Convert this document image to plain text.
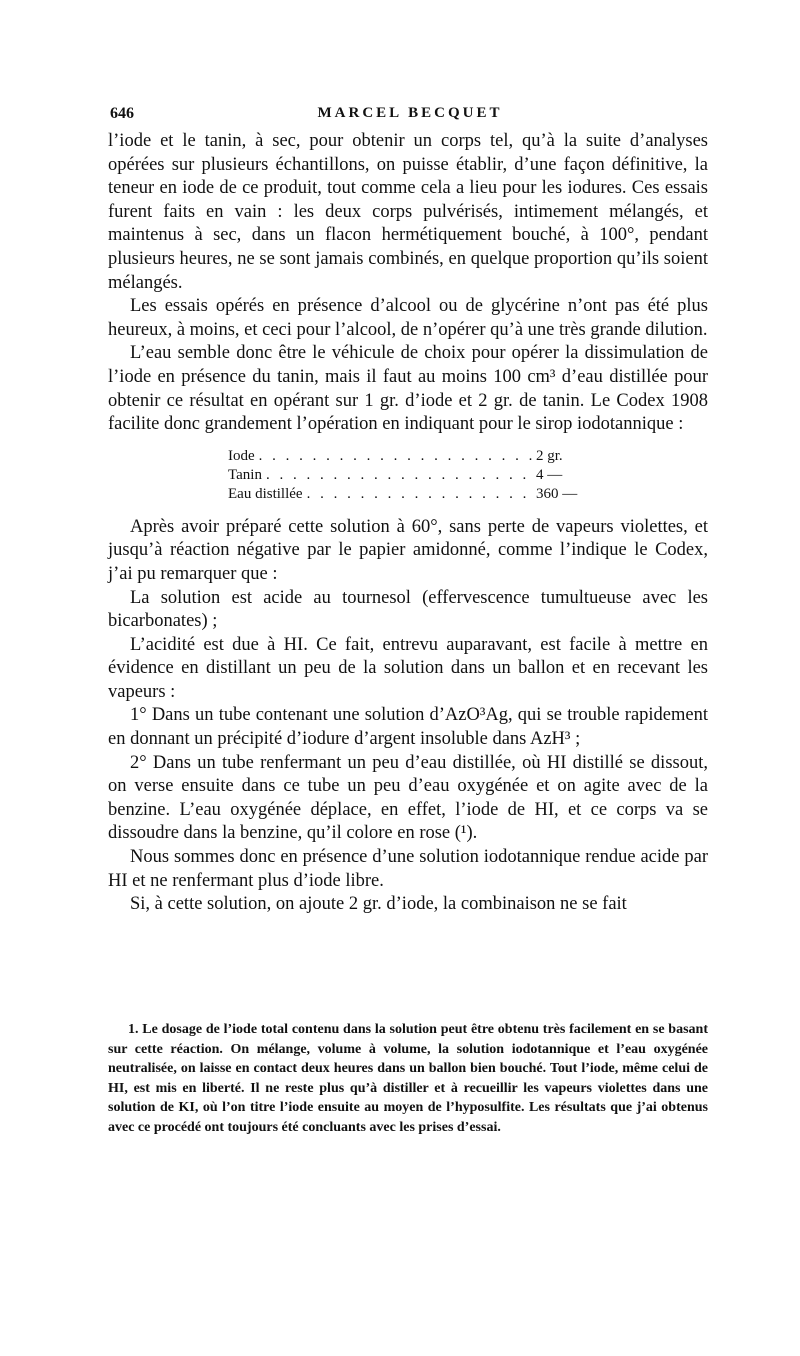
646	MARCEL BECQUET

l’iode et le tanin, à sec, pour obtenir un corps tel, qu’à la suite d’analyses opérées sur plusieurs échantillons, on puisse établir, d’une façon définitive, la teneur en iode de ce produit, tout comme cela a lieu pour les iodures. Ces essais furent faits en vain : les deux corps pulvérisés, intimement mélangés, et maintenus à sec, dans un flacon hermétiquement bouché, à 100°, pendant plusieurs heures, ne se sont jamais combinés, en quelque proportion qu’ils soient mélangés.

Les essais opérés en présence d’alcool ou de glycérine n’ont pas été plus heureux, à moins, et ceci pour l’alcool, de n’opérer qu’à une très grande dilution.

L’eau semble donc être le véhicule de choix pour opérer la dissimulation de l’iode en présence du tanin, mais il faut au moins 100 cm³ d’eau distillée pour obtenir ce résultat en opérant sur 1 gr. d’iode et 2 gr. de tanin. Le Codex 1908 facilite donc grandement l’opération en indiquant pour le sirop iodotannique :

Iode . . .	2 gr.
Tanin . . .	4 —
Eau distillée . . .	360 —

Après avoir préparé cette solution à 60°, sans perte de vapeurs violettes, et jusqu’à réaction négative par le papier amidonné, comme l’indique le Codex, j’ai pu remarquer que :

La solution est acide au tournesol (effervescence tumultueuse avec les bicarbonates) ;

L’acidité est due à HI. Ce fait, entrevu auparavant, est facile à mettre en évidence en distillant un peu de la solution dans un ballon et en recevant les vapeurs :

1° Dans un tube contenant une solution d’AzO³Ag, qui se trouble rapidement en donnant un précipité d’iodure d’argent insoluble dans AzH³ ;

2° Dans un tube renfermant un peu d’eau distillée, où HI distillé se dissout, on verse ensuite dans ce tube un peu d’eau oxygénée et on agite avec de la benzine. L’eau oxygénée déplace, en effet, l’iode de HI, et ce corps va se dissoudre dans la benzine, qu’il colore en rose (¹).

Nous sommes donc en présence d’une solution iodotannique rendue acide par HI et ne renfermant plus d’iode libre.

Si, à cette solution, on ajoute 2 gr. d’iode, la combinaison ne se fait

1. Le dosage de l’iode total contenu dans la solution peut être obtenu très facilement en se basant sur cette réaction. On mélange, volume à volume, la solution iodotannique et l’eau oxygénée neutralisée, on laisse en contact deux heures dans un ballon bien bouché. Tout l’iode, même celui de HI, est mis en liberté. Il ne reste plus qu’à distiller et à recueillir les vapeurs violettes dans une solution de KI, où l’on titre l’iode ensuite au moyen de l’hyposulfite. Les résultats que j’ai obtenus avec ce procédé ont toujours été concluants avec les prises d’essai.
